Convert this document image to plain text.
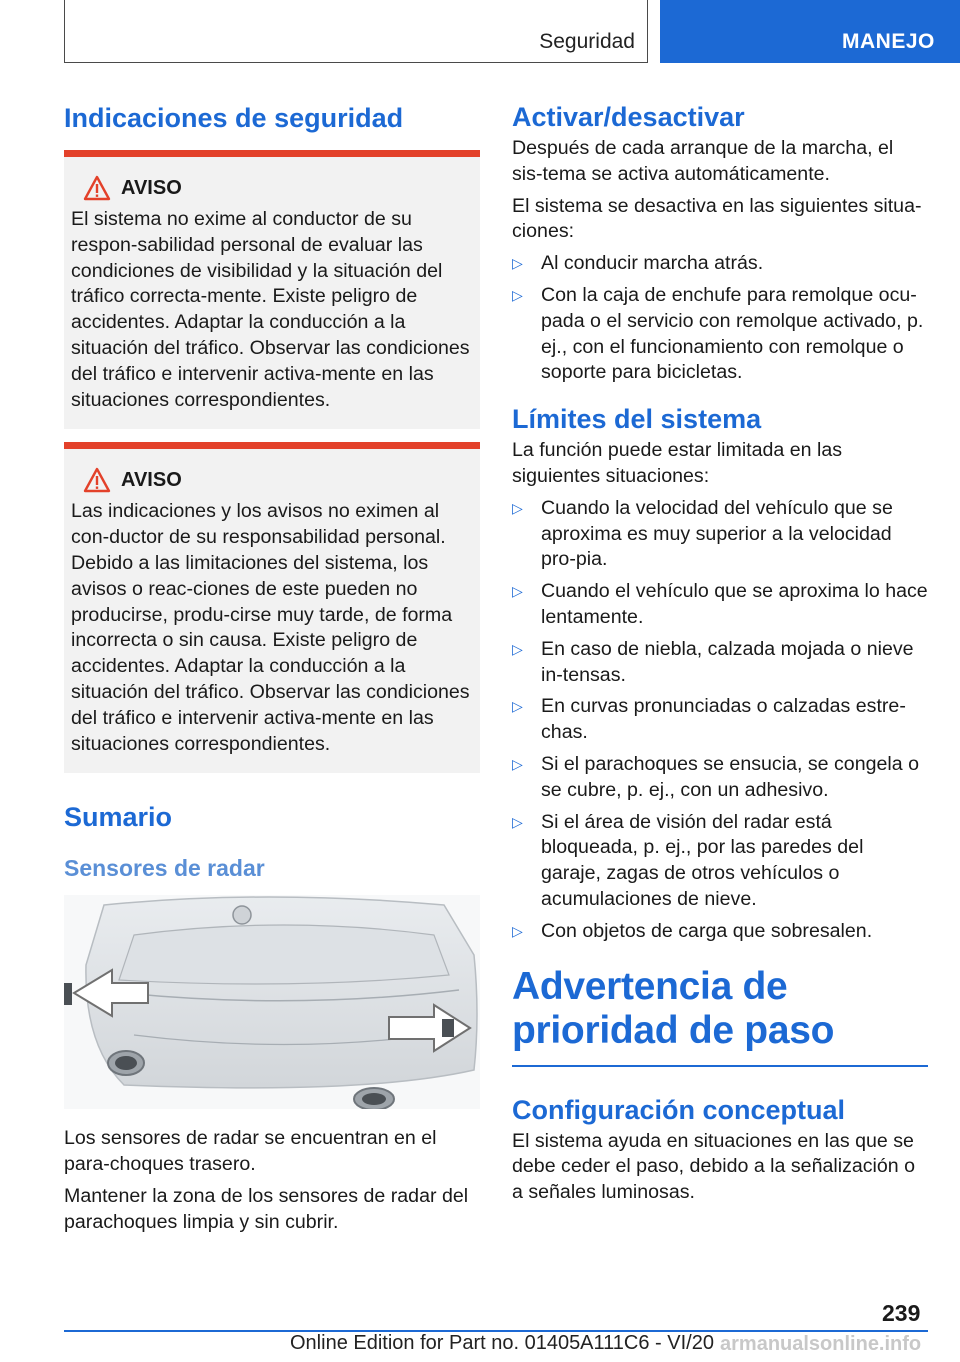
Seguridad	MANEJO
Indicaciones de seguridad
AVISO
El sistema no exime al conductor de su respon-sabilidad personal de evaluar las condiciones de visibilidad y la situación del tráfico correcta-mente. Existe peligro de accidentes. Adaptar la conducción a la situación del tráfico. Observar las condiciones del tráfico e intervenir activa-mente en las situaciones correspondientes.
AVISO
Las indicaciones y los avisos no eximen al con-ductor de su responsabilidad personal. Debido a las limitaciones del sistema, los avisos o reac-ciones de este pueden no producirse, produ-cirse muy tarde, de forma incorrecta o sin causa. Existe peligro de accidentes. Adaptar la conducción a la situación del tráfico. Observar las condiciones del tráfico e intervenir activa-mente en las situaciones correspondientes.
Sumario
Sensores de radar

Los sensores de radar se encuentran en el para-choques trasero.

Mantener la zona de los sensores de radar del parachoques limpia y sin cubrir.

Activar/desactivar

Después de cada arranque de la marcha, el sis-tema se activa automáticamente.

El sistema se desactiva en las siguientes situa-ciones:

▷ Al conducir marcha atrás.
▷ Con la caja de enchufe para remolque ocu-pada o el servicio con remolque activado, p. ej., con el funcionamiento con remolque o soporte para bicicletas.
Límites del sistema

La función puede estar limitada en las siguientes situaciones:

▷ Cuando la velocidad del vehículo que se aproxima es muy superior a la velocidad pro-pia.
▷ Cuando el vehículo que se aproxima lo hace lentamente.
▷ En caso de niebla, calzada mojada o nieve in-tensas.
▷ En curvas pronunciadas o calzadas estre-chas.
▷ Si el parachoques se ensucia, se congela o se cubre, p. ej., con un adhesivo.
▷ Si el área de visión del radar está bloqueada, p. ej., por las paredes del garaje, zagas de otros vehículos o acumulaciones de nieve.
▷ Con objetos de carga que sobresalen.
Advertencia de prioridad de paso
Configuración conceptual

El sistema ayuda en situaciones en las que se debe ceder el paso, debido a la señalización o a señales luminosas.

239
Online Edition for Part no. 01405A111C6 - VI/20 armanualsonline.info
